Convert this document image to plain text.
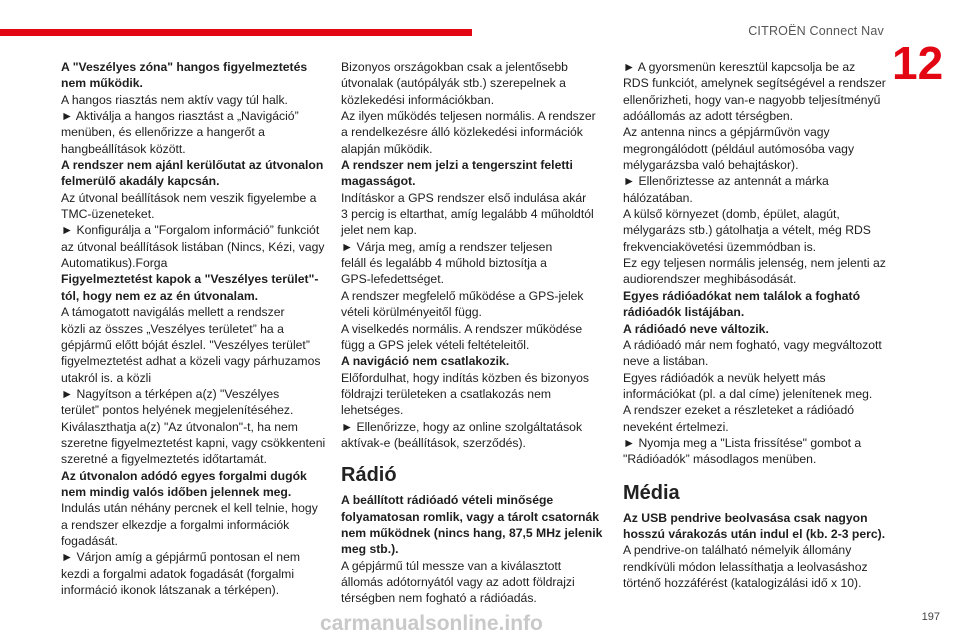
CITROËN Connect Nav
12

A "Veszélyes zóna" hangos figyelmeztetés
nem működik.

A hangos riasztás nem aktív vagy túl halk.
► Aktiválja a hangos riasztást a „Navigáció”
menüben, és ellenőrizze a hangerőt a
hangbeállítások között.

A rendszer nem ajánl kerülőutat az útvonalon
felmerülő akadály kapcsán.

Az útvonal beállítások nem veszik figyelembe a
TMC-üzeneteket.
► Konfigurálja a "Forgalom információ” funkciót
az útvonal beállítások listában (Nincs, Kézi, vagy
Automatikus).Forga

Figyelmeztetést kapok a "Veszélyes terület"-
tól, hogy nem ez az én útvonalam.

A támogatott navigálás mellett a rendszer
közli az összes „Veszélyes területet” ha a
gépjármű előtt bóját észlel. "Veszélyes terület”
figyelmeztetést adhat a közeli vagy párhuzamos
utakról is. a közli
► Nagyítson a térképen a(z) "Veszélyes
terület” pontos helyének megjelenítéséhez.
Kiválaszthatja a(z) "Az útvonalon"-t, ha nem
szeretne figyelmeztetést kapni, vagy csökkenteni
szeretné a figyelmeztetés időtartamát.

Az útvonalon adódó egyes forgalmi dugók
nem mindig valós időben jelennek meg.

Indulás után néhány percnek el kell telnie, hogy
a rendszer elkezdje a forgalmi információk
fogadását.
► Várjon amíg a gépjármű pontosan el nem
kezdi a forgalmi adatok fogadását (forgalmi
információ ikonok látszanak a térképen).

Bizonyos országokban csak a jelentősebb
útvonalak (autópályák stb.) szerepelnek a
közlekedési információkban.
Az ilyen működés teljesen normális. A rendszer
a rendelkezésre álló közlekedési információk
alapján működik.

A rendszer nem jelzi a tengerszint feletti
magasságot.

Indításkor a GPS rendszer első indulása akár
3 percig is eltarthat, amíg legalább 4 műholdtól
jelet nem kap.
► Várja meg, amíg a rendszer teljesen
feláll és legalább 4 műhold biztosítja a
GPS-lefedettséget.
A rendszer megfelelő működése a GPS-jelek
vételi körülményeitől függ.
A viselkedés normális. A rendszer működése
függ a GPS jelek vételi feltételeitől.

A navigáció nem csatlakozik.

Előfordulhat, hogy indítás közben és bizonyos
földrajzi területeken a csatlakozás nem
lehetséges.
► Ellenőrizze, hogy az online szolgáltatások
aktívak-e (beállítások, szerződés).

Rádió

A beállított rádióadó vételi minősége
folyamatosan romlik, vagy a tárolt csatornák
nem működnek (nincs hang, 87,5 MHz jelenik
meg stb.).

A gépjármű túl messze van a kiválasztott
állomás adótornyától vagy az adott földrajzi
térségben nem fogható a rádióadás.

► A gyorsmenün keresztül kapcsolja be az
RDS funkciót, amelynek segítségével a rendszer
ellenőrizheti, hogy van-e nagyobb teljesítményű
adóállomás az adott térségben.
Az antenna nincs a gépjárművön vagy
megrongálódott (például autómosóba vagy
mélygarázsba való behajtáskor).
► Ellenőriztesse az antennát a márka
hálózatában.
A külső környezet (domb, épület, alagút,
mélygarázs stb.) gátolhatja a vételt, még RDS
frekvenciakövetési üzemmódban is.
Ez egy teljesen normális jelenség, nem jelenti az
audiorendszer meghibásodását.

Egyes rádióadókat nem találok a fogható
rádióadók listájában.

A rádióadó neve változik.

A rádióadó már nem fogható, vagy megváltozott
neve a listában.
Egyes rádióadók a nevük helyett más
információkat (pl. a dal címe) jelenítenek meg.
A rendszer ezeket a részleteket a rádióadó
neveként értelmezi.
► Nyomja meg a "Lista frissítése" gombot a
"Rádióadók” másodlagos menüben.

Média

Az USB pendrive beolvasása csak nagyon
hosszú várakozás után indul el (kb. 2-3 perc).

A pendrive-on található némelyik állomány
rendkívüli módon lelassíthatja a leolvasáshoz
történő hozzáférést (katalogizálási idő x 10).

carmanualsonline.info	197
